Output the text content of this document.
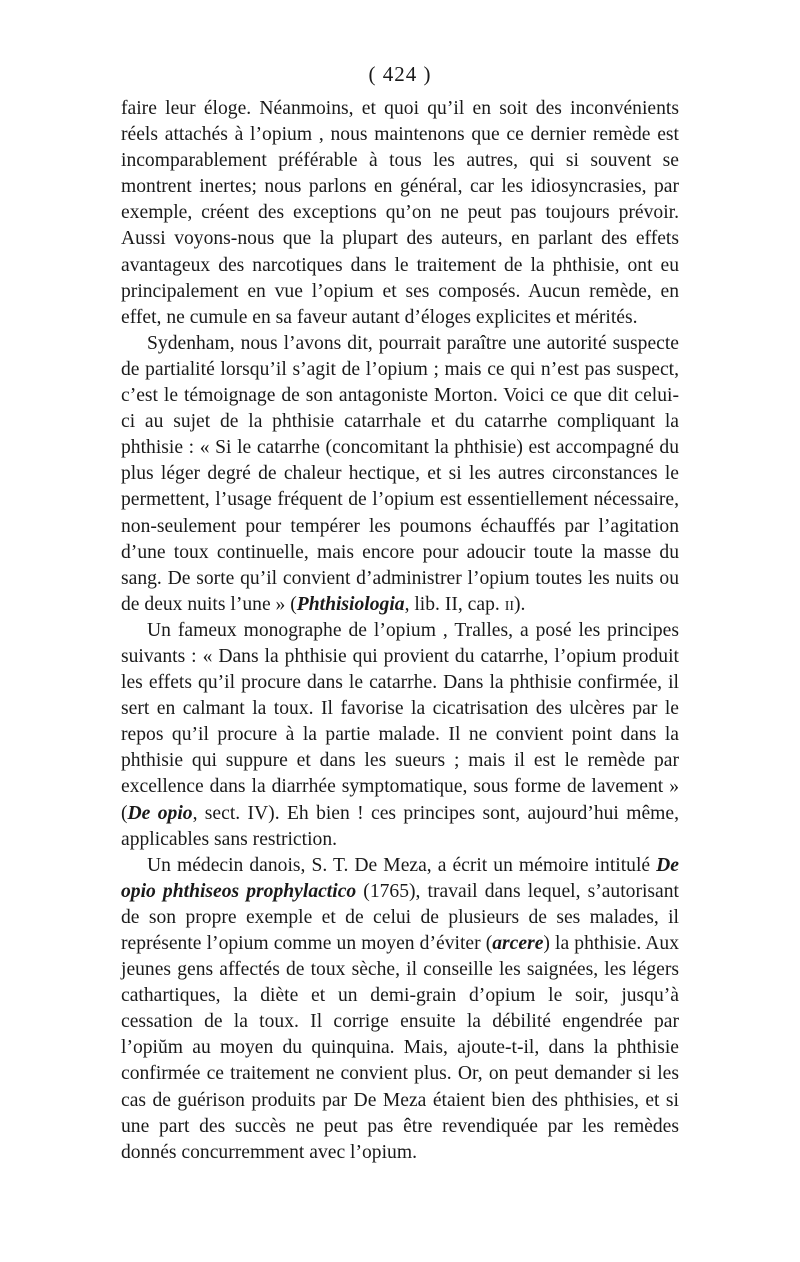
( 424 )

faire leur éloge. Néanmoins, et quoi qu’il en soit des inconvénients réels attachés à l’opium , nous maintenons que ce dernier remède est incomparablement préférable à tous les autres, qui si souvent se montrent inertes; nous parlons en général, car les idiosyncrasies, par exemple, créent des exceptions qu’on ne peut pas toujours prévoir. Aussi voyons-nous que la plupart des auteurs, en parlant des effets avantageux des narcotiques dans le traitement de la phthisie, ont eu principalement en vue l’opium et ses composés. Aucun remède, en effet, ne cumule en sa faveur autant d’éloges explicites et mérités.

Sydenham, nous l’avons dit, pourrait paraître une autorité suspecte de partialité lorsqu’il s’agit de l’opium ; mais ce qui n’est pas suspect, c’est le témoignage de son antagoniste Morton. Voici ce que dit celui-ci au sujet de la phthisie catarrhale et du catarrhe compliquant la phthisie : « Si le catarrhe (concomitant la phthisie) est accompagné du plus léger degré de chaleur hectique, et si les autres circonstances le permettent, l’usage fréquent de l’opium est essentiellement nécessaire, non-seulement pour tempérer les poumons échauffés par l’agitation d’une toux continuelle, mais encore pour adoucir toute la masse du sang. De sorte qu’il convient d’administrer l’opium toutes les nuits ou de deux nuits l’une » (Phthisiologia, lib. II, cap. ii).

Un fameux monographe de l’opium , Tralles, a posé les principes suivants : « Dans la phthisie qui provient du catarrhe, l’opium produit les effets qu’il procure dans le catarrhe. Dans la phthisie confirmée, il sert en calmant la toux. Il favorise la cicatrisation des ulcères par le repos qu’il procure à la partie malade. Il ne convient point dans la phthisie qui suppure et dans les sueurs ; mais il est le remède par excellence dans la diarrhée symptomatique, sous forme de lavement » (De opio, sect. IV). Eh bien ! ces principes sont, aujourd’hui même, applicables sans restriction.

Un médecin danois, S. T. De Meza, a écrit un mémoire intitulé De opio phthiseos prophylactico (1765), travail dans lequel, s’autorisant de son propre exemple et de celui de plusieurs de ses malades, il représente l’opium comme un moyen d’éviter (arcere) la phthisie. Aux jeunes gens affectés de toux sèche, il conseille les saignées, les légers cathartiques, la diète et un demi-grain d’opium le soir, jusqu’à cessation de la toux. Il corrige ensuite la débilité engendrée par l’opiŭm au moyen du quinquina. Mais, ajoute-t-il, dans la phthisie confirmée ce traitement ne convient plus. Or, on peut demander si les cas de guérison produits par De Meza étaient bien des phthisies, et si une part des succès ne peut pas être revendiquée par les remèdes donnés concurremment avec l’opium.
